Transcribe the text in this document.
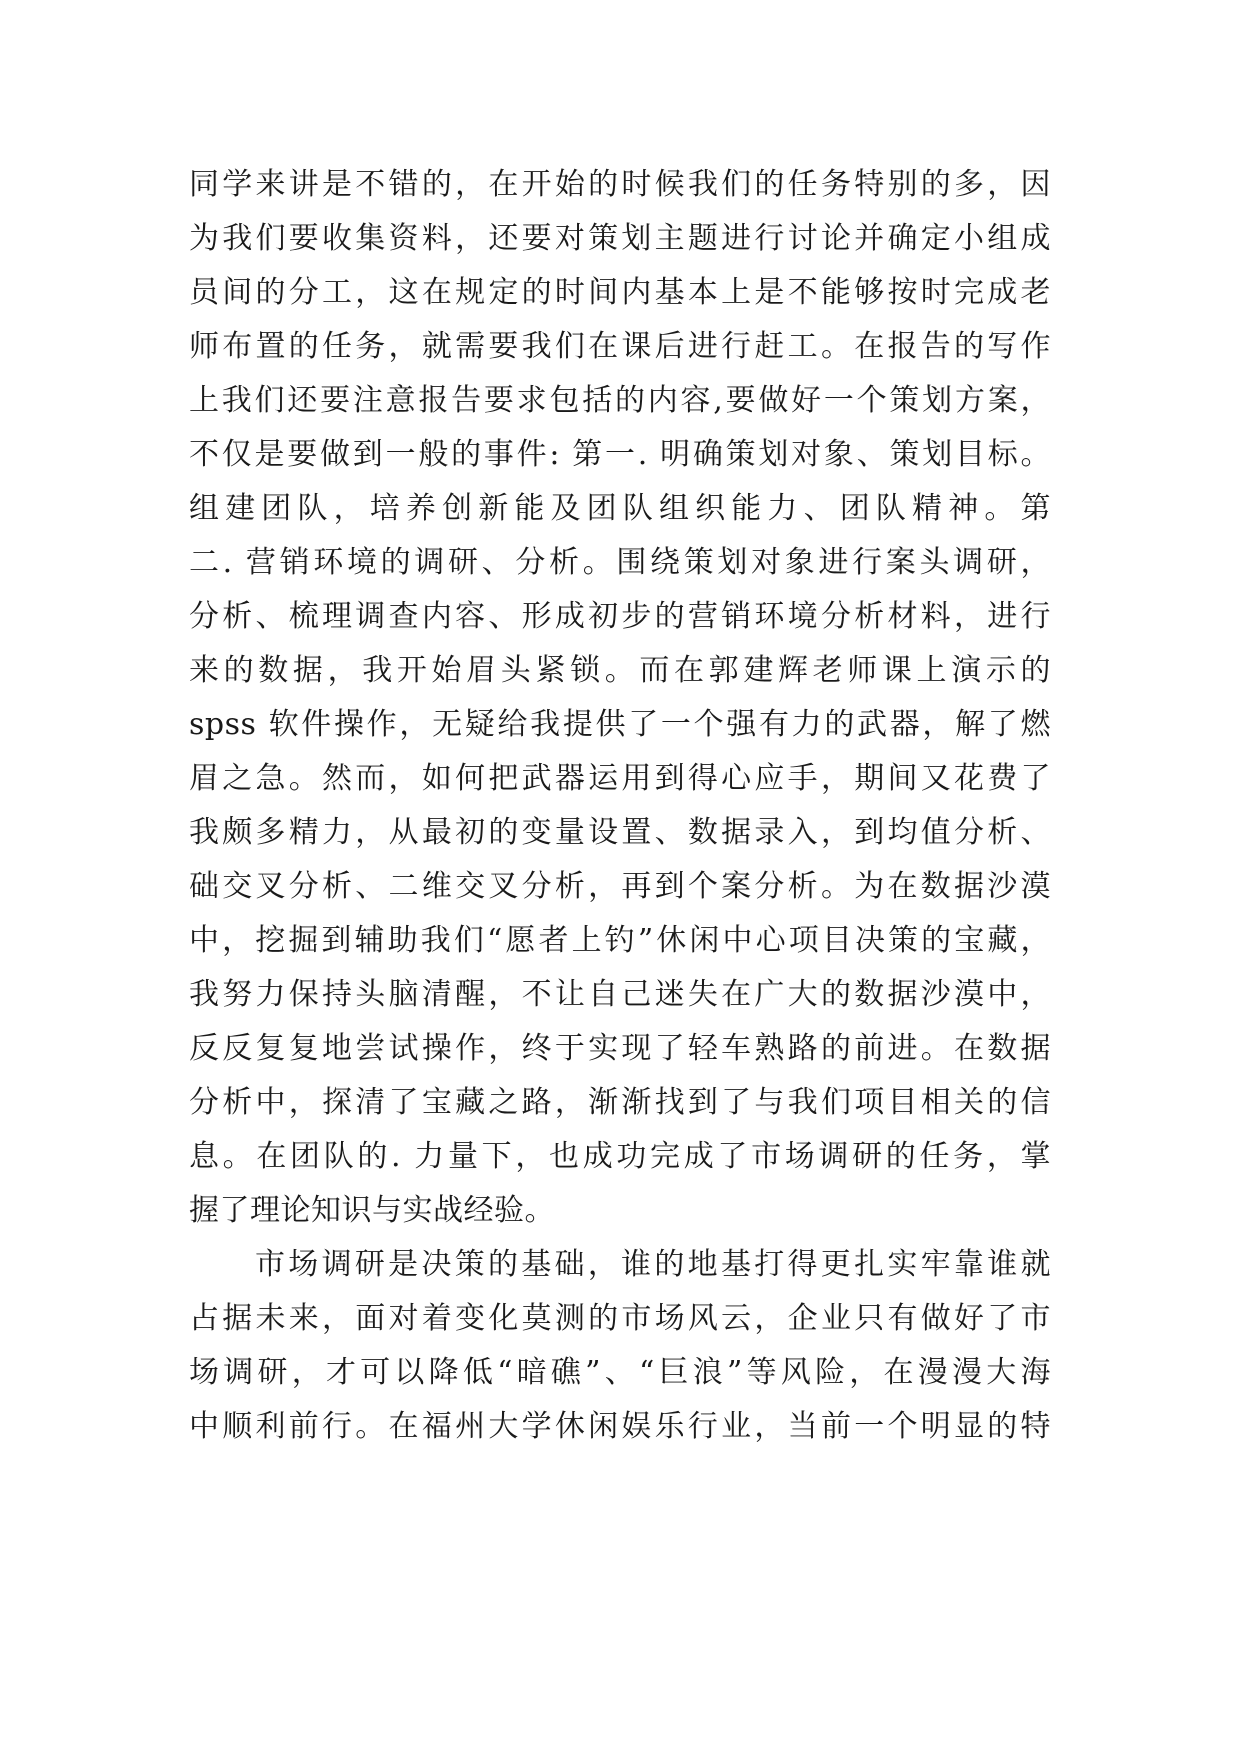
同学来讲是不错的，在开始的时候我们的任务特别的多，因
为我们要收集资料，还要对策划主题进行讨论并确定小组成
员间的分工，这在规定的时间内基本上是不能够按时完成老
师布置的任务，就需要我们在课后进行赶工。在报告的写作
上我们还要注意报告要求包括的内容,要做好一个策划方案，
不仅是要做到一般的事件: 第一. 明确策划对象、策划目标。
组建团队，培养创新能及团队组织能力、团队精神。第
二. 营销环境的调研、分析。围绕策划对象进行案头调研，
分析、梳理调查内容、形成初步的营销环境分析材料，进行
来的数据，我开始眉头紧锁。而在郭建辉老师课上演示的
spss 软件操作，无疑给我提供了一个强有力的武器，解了燃
眉之急。然而，如何把武器运用到得心应手，期间又花费了
我颇多精力，从最初的变量设置、数据录入，到均值分析、
础交叉分析、二维交叉分析，再到个案分析。为在数据沙漠
中，挖掘到辅助我们“愿者上钓”休闲中心项目决策的宝藏，
我努力保持头脑清醒，不让自己迷失在广大的数据沙漠中，
反反复复地尝试操作，终于实现了轻车熟路的前进。在数据
分析中，探清了宝藏之路，渐渐找到了与我们项目相关的信
息。在团队的. 力量下，也成功完成了市场调研的任务，掌
握了理论知识与实战经验。
市场调研是决策的基础，谁的地基打得更扎实牢靠谁就
占据未来，面对着变化莫测的市场风云，企业只有做好了市
场调研，才可以降低“暗礁”、“巨浪”等风险，在漫漫大海
中顺利前行。在福州大学休闲娱乐行业，当前一个明显的特
